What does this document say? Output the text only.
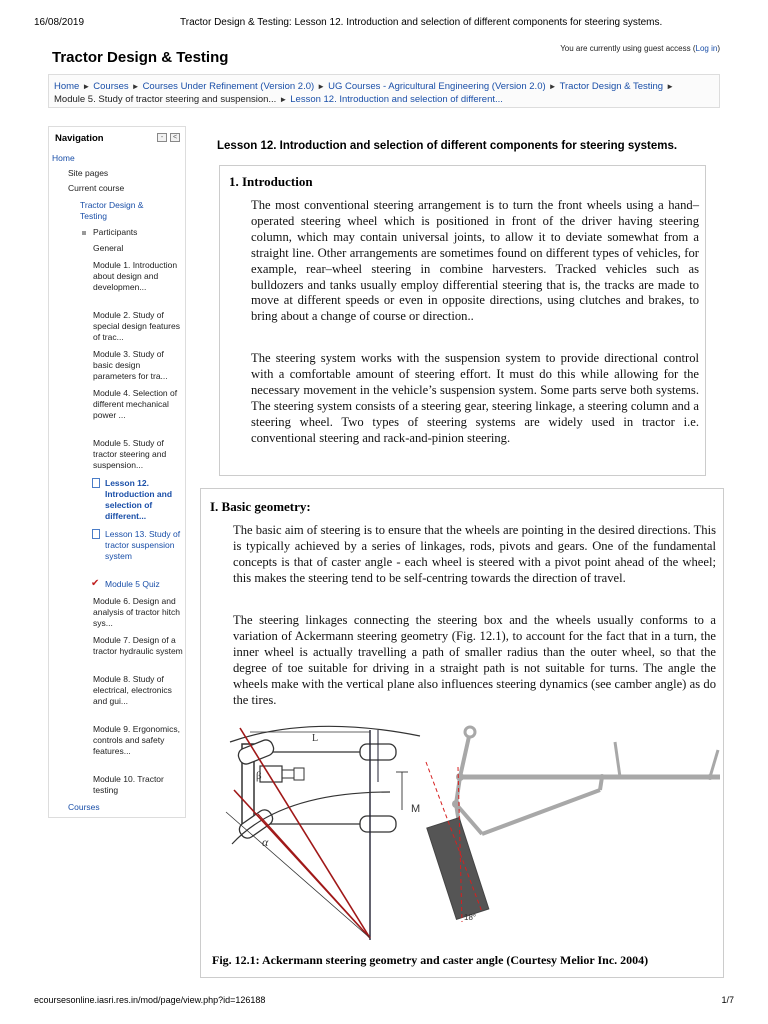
16/08/2019	Tractor Design & Testing: Lesson 12. Introduction and selection of different components for steering systems.
Tractor Design & Testing
You are currently using guest access (Log in)
Home ► Courses ► Courses Under Refinement (Version 2.0) ► UG Courses - Agricultural Engineering (Version 2.0) ► Tractor Design & Testing ►
Module 5. Study of tractor steering and suspension... ► Lesson 12. Introduction and selection of different...
Navigation	-	<
Home
Site pages
Current course
Tractor Design & Testing
Participants
General
Module 1. Introduction about design and developmen...
Module 2. Study of special design features of trac...
Module 3. Study of basic design parameters for tra...
Module 4. Selection of different mechanical power ...
Module 5. Study of tractor steering and suspension...
Lesson 12. Introduction and selection of different...
Lesson 13. Study of tractor suspension system
✔ Module 5 Quiz
Module 6. Design and analysis of tractor hitch sys...
Module 7. Design of a tractor hydraulic system
Module 8. Study of electrical, electronics and gui...
Module 9. Ergonomics, controls and safety features...
Module 10. Tractor testing
Courses
Lesson 12. Introduction and selection of different components for steering systems.
1. Introduction
The most conventional steering arrangement is to turn the front wheels using a hand–operated steering wheel which is positioned in front of the driver having steering column, which may contain universal joints, to allow it to deviate somewhat from a straight line. Other arrangements are sometimes found on different types of vehicles, for example, rear–wheel steering in combine harvesters. Tracked vehicles such as bulldozers and tanks usually employ differential steering that is, the tracks are made to move at different speeds or even in opposite directions, using clutches and brakes, to bring about a change of course or direction..
The steering system works with the suspension system to provide directional control with a comfortable amount of steering effort. It must do this while allowing for the necessary movement in the vehicle’s suspension system. Some parts serve both systems. The steering system consists of a steering gear, steering linkage, a steering column and a steering wheel. Two types of steering systems are widely used in tractor i.e. conventional steering and rack-and-pinion steering.
I. Basic geometry:
The basic aim of steering is to ensure that the wheels are pointing in the desired directions. This is typically achieved by a series of linkages, rods, pivots and gears. One of the fundamental concepts is that of caster angle - each wheel is steered with a pivot point ahead of the wheel; this makes the steering tend to be self-centring towards the direction of travel.
The steering linkages connecting the steering box and the wheels usually conforms to a variation of Ackermann steering geometry (Fig. 12.1), to account for the fact that in a turn, the inner wheel is actually travelling a path of smaller radius than the outer wheel, so that the degree of toe suitable for driving in a straight path is not suitable for turns. The angle the wheels make with the vertical plane also influences steering dynamics (see camber angle) as do the tires.
L
β
α
M
18°
Fig. 12.1: Ackermann steering geometry and caster angle (Courtesy Melior Inc. 2004)
ecoursesonline.iasri.res.in/mod/page/view.php?id=126188	1/7
